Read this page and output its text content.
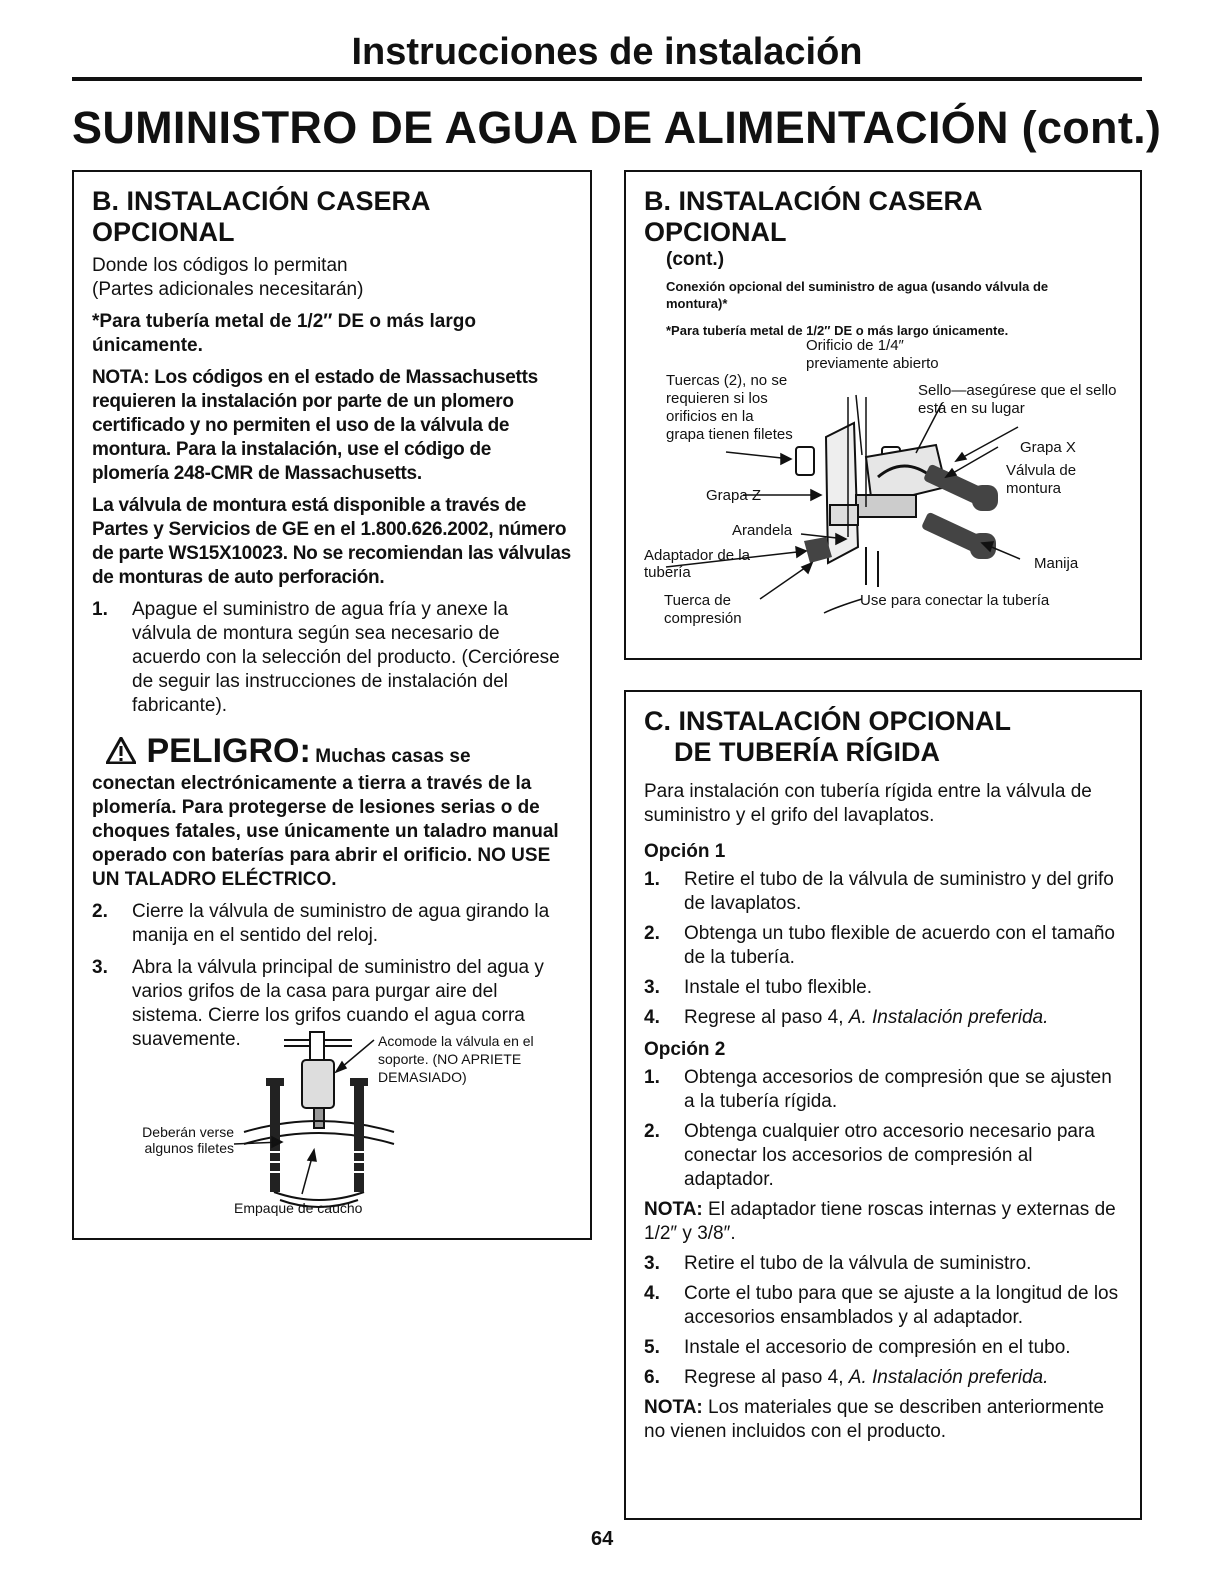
Instrucciones de instalación
SUMINISTRO DE AGUA DE ALIMENTACIÓN (cont.)

B. INSTALACIÓN CASERA OPCIONAL

Donde los códigos lo permitan

(Partes adicionales necesitarán)

*Para tubería metal de 1/2″ DE o más largo únicamente.

NOTA: Los códigos en el estado de Massachusetts requieren la instalación por parte de un plomero certificado y no permiten el uso de la válvula de montura. Para la instalación, use el código de plomería 248-CMR de Massachusetts.

La válvula de montura está disponible a través de Partes y Servicios de GE en el 1.800.626.2002, número de parte WS15X10023. No se recomiendan las válvulas de monturas de auto perforación.

1. Apague el suministro de agua fría y anexe la válvula de montura según sea necesario de acuerdo con la selección del producto. (Cerciórese de seguir las instrucciones de instalación del fabricante).
PELIGRO: Muchas casas se

conectan electrónicamente a tierra a través de la plomería. Para protegerse de lesiones serias o de choques fatales, use únicamente un taladro manual operado con baterías para abrir el orificio. NO USE UN TALADRO ELÉCTRICO.

2. Cierre la válvula de suministro de agua girando la manija en el sentido del reloj.
3. Abra la válvula principal de suministro del agua y varios grifos de la casa para purgar aire del sistema. Cierre los grifos cuando el agua corra suavemente.	Acomode la válvula en el soporte. (NO APRIETE DEMASIADO)
Deberán verse algunos filetes
Empaque de caucho

B. INSTALACIÓN CASERA OPCIONAL

(cont.)

Conexión opcional del suministro de agua (usando válvula de montura)*

*Para tubería metal de 1/2″ DE o más largo únicamente.

Orificio de 1/4″ previamente abierto
Tuercas (2), no se requieren si los orificios en la grapa tienen filetes
Sello—asegúrese que el sello está en su lugar
Grapa X
Válvula de montura
Grapa Z
Arandela
Adaptador de la tubería
Manija
Tuerca de compresión
Use para conectar la tubería

C. INSTALACIÓN OPCIONAL

DE TUBERÍA RÍGIDA

Para instalación con tubería rígida entre la válvula de suministro y el grifo del lavaplatos.

Opción 1

1. Retire el tubo de la válvula de suministro y del grifo de lavaplatos.
2. Obtenga un tubo flexible de acuerdo con el tamaño de la tubería.
3. Instale el tubo flexible.
4. Regrese al paso 4, A. Instalación preferida.

Opción 2

1. Obtenga accesorios de compresión que se ajusten a la tubería rígida.
2. Obtenga cualquier otro accesorio necesario para conectar los accesorios de compresión al adaptador.

NOTA: El adaptador tiene roscas internas y externas de 1/2″ y 3/8″.

3. Retire el tubo de la válvula de suministro.
4. Corte el tubo para que se ajuste a la longitud de los accesorios ensamblados y al adaptador.
5. Instale el accesorio de compresión en el tubo.
6. Regrese al paso 4, A. Instalación preferida.

NOTA: Los materiales que se describen anteriormente no vienen incluidos con el producto.

64
